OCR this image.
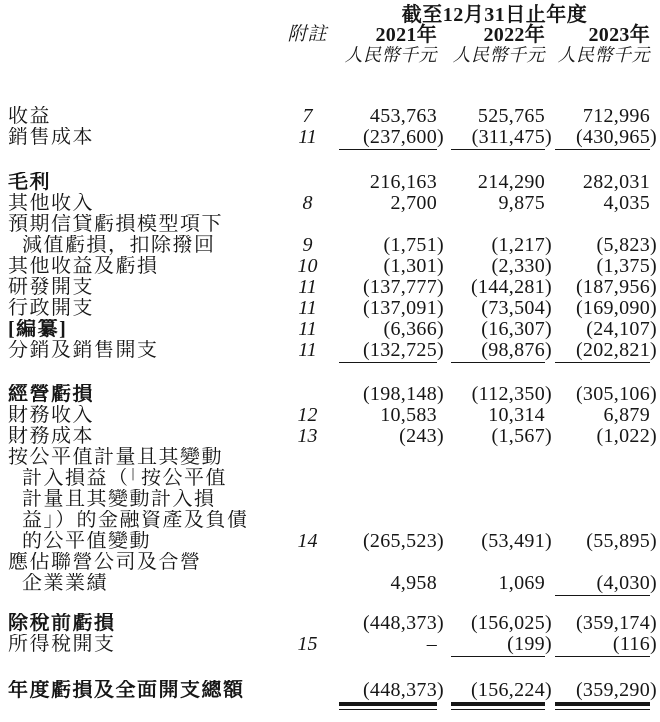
截至12月31日止年度
附註	2021年	2022年	2023年
人民幣千元 人民幣千元 人民幣千元
收益	7	453,763	525,765	712,996
銷售成本	11	(237,600 )	(311,475 )	(430,965 )
毛利	216,163	214,290	282,031
其他收入	8	2,700	9,875	4,035
預期信貸虧損模型項下
減值虧損，扣除撥回	9	(1,751 )	(1,217 )	(5,823 )
其他收益及虧損	10	(1,301 )	(2,330 )	(1,375 )
研發開支	11	(137,777 )	(144,281 )	(187,956 )
行政開支	11	(137,091 )	(73,504 )	(169,090 )
[編纂]	11	(6,366 )	(16,307 )	(24,107 )
分銷及銷售開支	11	(132,725 )	(98,876 )	(202,821 )
經營虧損	(198,148 )	(112,350 )	(305,106 )
財務收入	12	10,583	10,314	6,879
財務成本	13	(243 )	(1,567 )	(1,022 )
按公平值計量且其變動
計入損益（「按公平值
計量且其變動計入損
益」）的金融資產及負債
的公平值變動	14	(265,523 )	(53,491 )	(55,895 )
應佔聯營公司及合營
企業業績	4,958	1,069	(4,030 )
除稅前虧損	(448,373 )	(156,025 )	(359,174 )
所得稅開支	15	–	(199 )	(116 )
年度虧損及全面開支總額	(448,373 )	(156,224 )	(359,290 )
